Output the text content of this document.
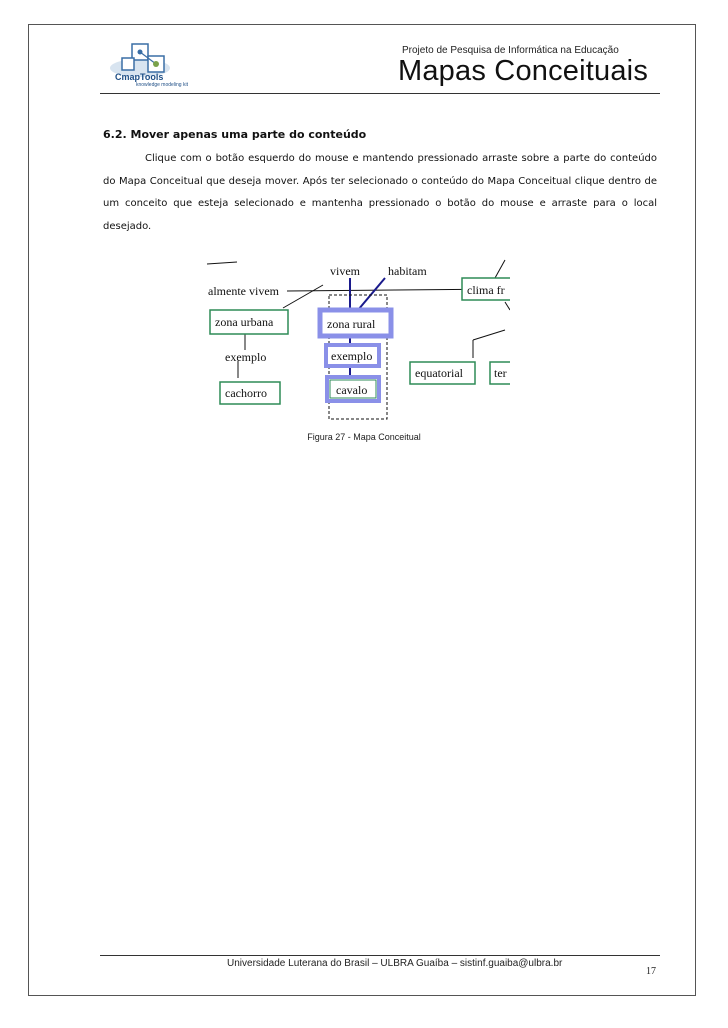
CmapTools
knowledge modeling kit
Projeto de Pesquisa de Informática na Educação
Mapas Conceituais
6.2. Mover apenas uma parte do conteúdo
Clique com o botão esquerdo do mouse e mantendo pressionado arraste sobre a parte do conteúdo do Mapa Conceitual que deseja mover. Após ter selecionado o conteúdo do Mapa Conceitual clique dentro de um conceito que esteja selecionado e mantenha pressionado o botão do mouse e arraste para o local desejado.
almente vivem
vivem habitam
exemplo
zona urbana	zona rural
exemplo
cavalo
cachorro
clima fr
equatorial	ter
Figura 27 - Mapa Conceitual
Universidade Luterana do Brasil – ULBRA Guaíba – sistinf.guaiba@ulbra.br
17
